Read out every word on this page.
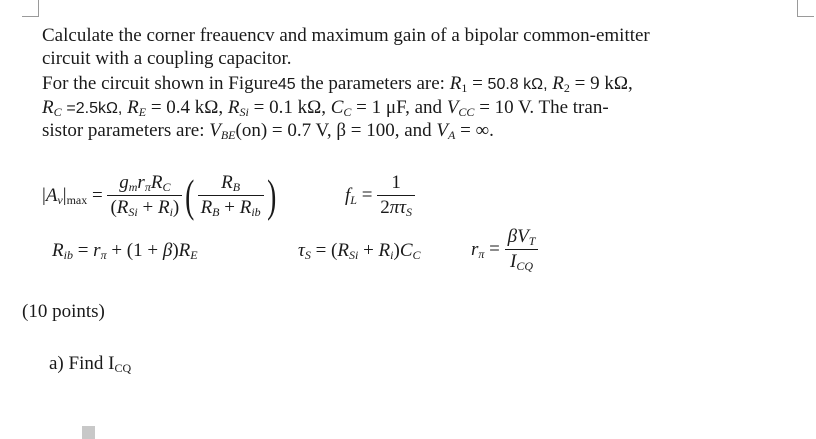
Calculate the corner freauencv and maximum gain of a bipolar common-emitter
circuit with a coupling capacitor.
For the circuit shown in Figure45 the parameters are: $R_1 = 50.8$ kΩ, $R_2 = 9$ kΩ,
$R_C =2.5k\Omega$, $R_E = 0.4$ kΩ, $R_{Si} = 0.1$ kΩ, $C_C = 1$ μF, and $V_{CC} = 10$ V. The tran-
sistor parameters are: $V_{BE}(on) = 0.7$ V, β = 100, and $V_A$ = ∞.
$|A_v|_{max} = \frac{g_mr_\pi R_C}{(R_{Si} + R_i)}$ ( $\frac{R_B}{R_B + R_{ib}}$ )	$f_L = \frac{1}{2\pi\tau_S}$
$R_{ib} = r_\pi + (1 + \beta)R_E$	$\tau_S = (R_{Si} + R_i)C_C$	$r_\pi = \frac{\beta V_T}{I_{CQ}}$
(10 points)
a) Find $I_{CQ}$
